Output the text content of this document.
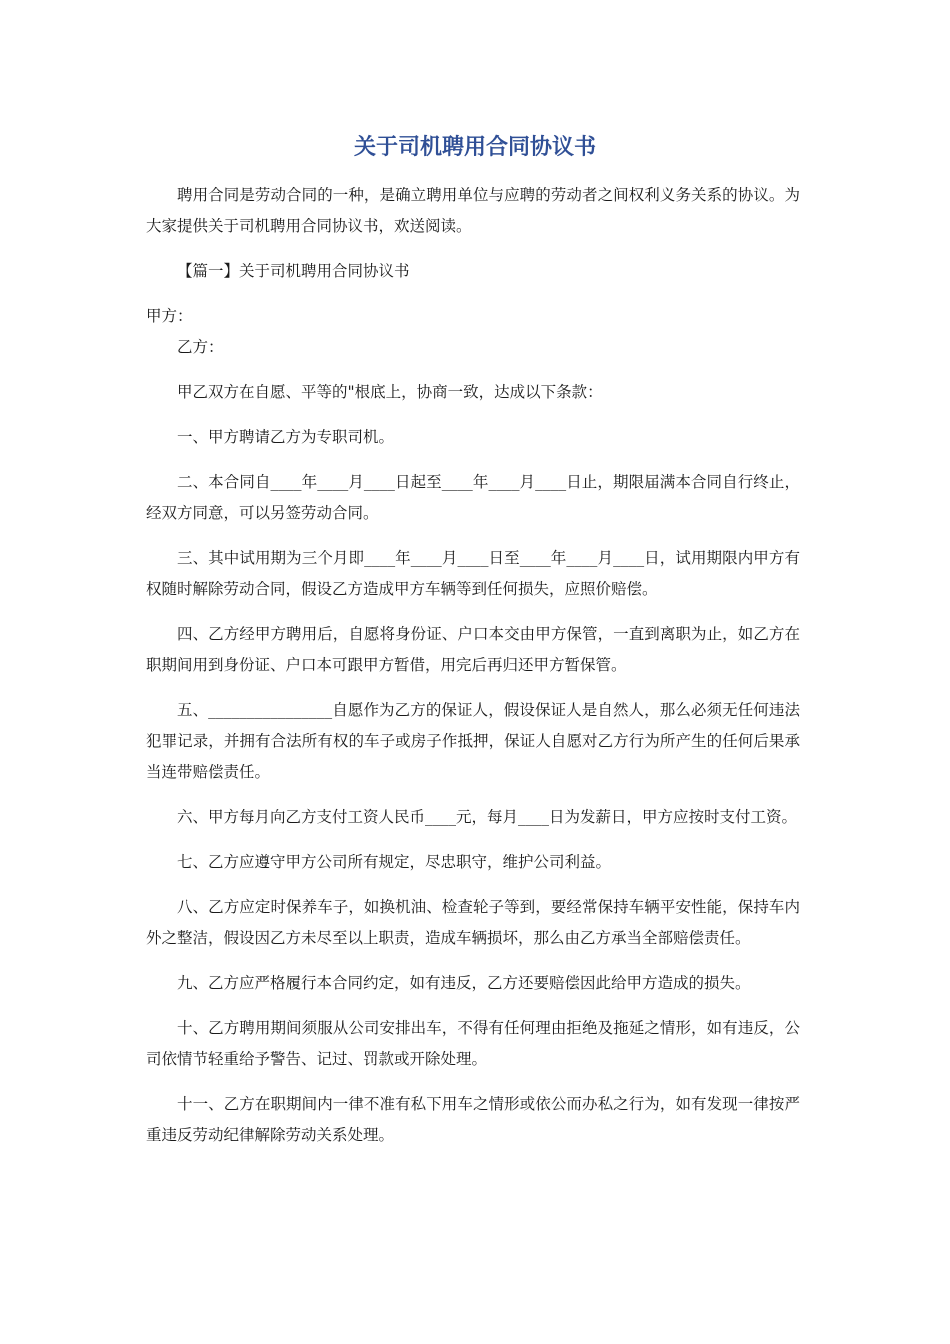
关于司机聘用合同协议书

聘用合同是劳动合同的一种，是确立聘用单位与应聘的劳动者之间权利义务关系的协议。为大家提供关于司机聘用合同协议书，欢送阅读。

【篇一】关于司机聘用合同协议书

甲方：

乙方：

甲乙双方在自愿、平等的"根底上，协商一致，达成以下条款：

一、甲方聘请乙方为专职司机。

二、本合同自____年____月____日起至____年____月____日止，期限届满本合同自行终止，经双方同意，可以另签劳动合同。

三、其中试用期为三个月即____年____月____日至____年____月____日，试用期限内甲方有权随时解除劳动合同，假设乙方造成甲方车辆等到任何损失，应照价赔偿。

四、乙方经甲方聘用后，自愿将身份证、户口本交由甲方保管，一直到离职为止，如乙方在职期间用到身份证、户口本可跟甲方暂借，用完后再归还甲方暂保管。

五、________________自愿作为乙方的保证人，假设保证人是自然人，那么必须无任何违法犯罪记录，并拥有合法所有权的车子或房子作抵押，保证人自愿对乙方行为所产生的任何后果承当连带赔偿责任。

六、甲方每月向乙方支付工资人民币____元，每月____日为发薪日，甲方应按时支付工资。

七、乙方应遵守甲方公司所有规定，尽忠职守，维护公司利益。

八、乙方应定时保养车子，如换机油、检查轮子等到，要经常保持车辆平安性能，保持车内外之整洁，假设因乙方未尽至以上职责，造成车辆损坏，那么由乙方承当全部赔偿责任。

九、乙方应严格履行本合同约定，如有违反，乙方还要赔偿因此给甲方造成的损失。

十、乙方聘用期间须服从公司安排出车，不得有任何理由拒绝及拖延之情形，如有违反，公司依情节轻重给予警告、记过、罚款或开除处理。

十一、乙方在职期间内一律不准有私下用车之情形或依公而办私之行为，如有发现一律按严重违反劳动纪律解除劳动关系处理。
